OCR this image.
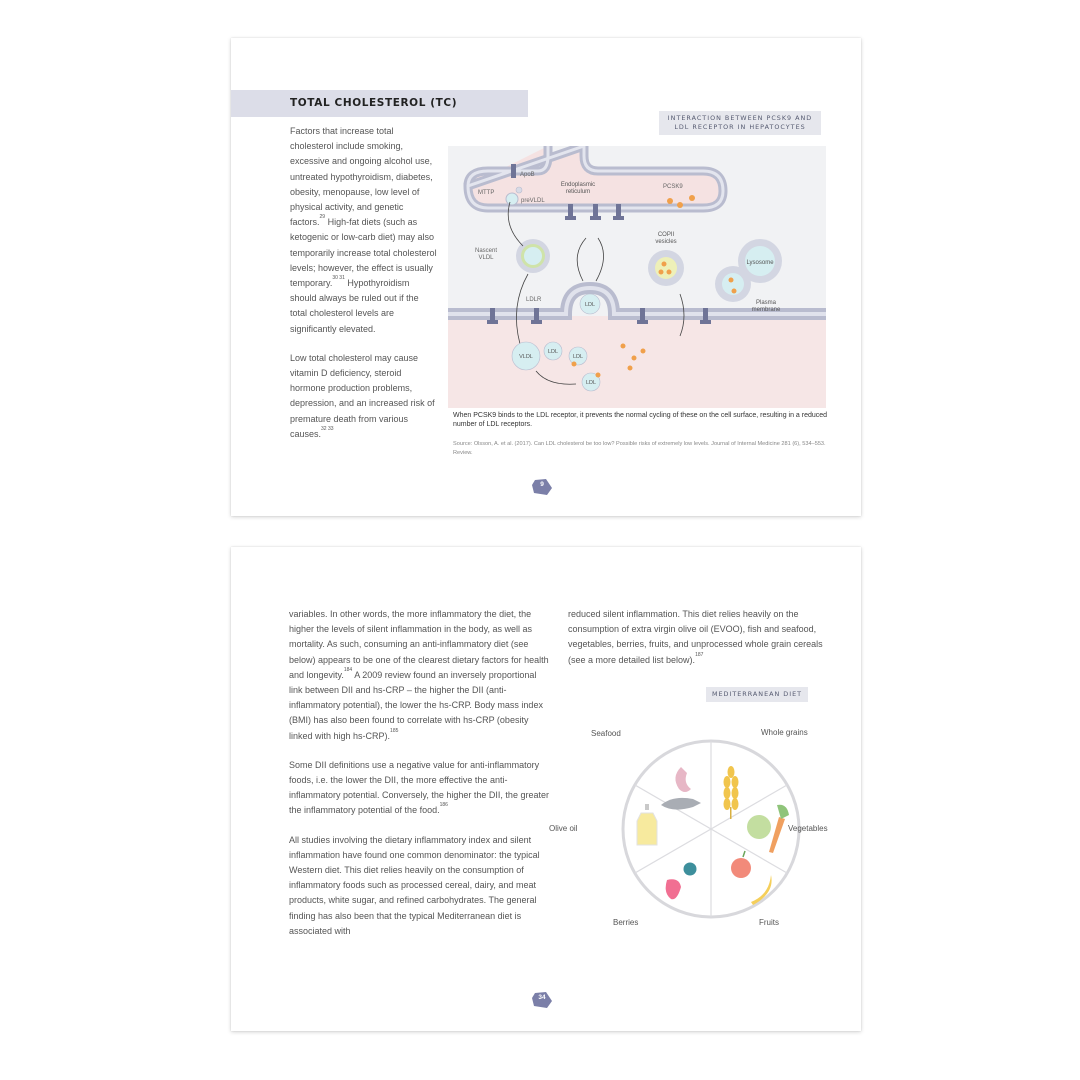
TOTAL CHOLESTEROL (TC)

Factors that increase total cholesterol include smoking, excessive and ongoing alcohol use, untreated hypothyroidism, diabetes, obesity, menopause, low level of physical activity, and genetic factors.$^{29}$ High-fat diets (such as ketogenic or low-carb diet) may also temporarily increase total cholesterol levels; however, the effect is usually temporary.$^{30 31}$ Hypothyroidism should always be ruled out if the total cholesterol levels are significantly elevated.

Low total cholesterol may cause vitamin D deficiency, steroid hormone production problems, depression, and an increased risk of premature death from various causes.$^{32 33}$

INTERACTION BETWEEN PCSK9 AND
LDL RECEPTOR IN HEPATOCYTES
ApoB
MTTP
preVLDL
Endoplasmic
reticulum
PCSK9
Nascent
VLDL
COPII
vesicles
Lysosome
Plasma
membrane
LDLR
LDL
VLDL
LDL
LDL
LDL
When PCSK9 binds to the LDL receptor, it prevents the normal cycling of these on the cell surface, resulting in a reduced number of LDL receptors.
Source: Olsson, A. et al. (2017). Can LDL cholesterol be too low? Possible risks of extremely low levels. Journal of Internal Medicine 281 (6), 534–553. Review.
9

variables. In other words, the more inflammatory the diet, the higher the levels of silent inflammation in the body, as well as mortality. As such, consuming an anti-inflammatory diet (see below) appears to be one of the clearest dietary factors for health and longevity.$^{184}$ A 2009 review found an inversely proportional link between DII and hs-CRP – the higher the DII (anti-inflammatory potential), the lower the hs-CRP. Body mass index (BMI) has also been found to correlate with hs-CRP (obesity linked with high hs-CRP).$^{185}$

Some DII definitions use a negative value for anti-inflammatory foods, i.e. the lower the DII, the more effective the anti-inflammatory potential. Conversely, the higher the DII, the greater the inflammatory potential of the food.$^{186}$

All studies involving the dietary inflammatory index and silent inflammation have found one common denominator: the typical Western diet. This diet relies heavily on the consumption of inflammatory foods such as processed cereal, dairy, and meat products, white sugar, and refined carbohydrates. The general finding has also been that the typical Mediterranean diet is associated with

reduced silent inflammation. This diet relies heavily on the consumption of extra virgin olive oil (EVOO), fish and seafood, vegetables, berries, fruits, and unprocessed whole grain cereals (see a more detailed list below).$^{187}$

MEDITERRANEAN DIET
Seafood	Whole grains
Vegetables
Fruits
Berries
Olive oil
34
